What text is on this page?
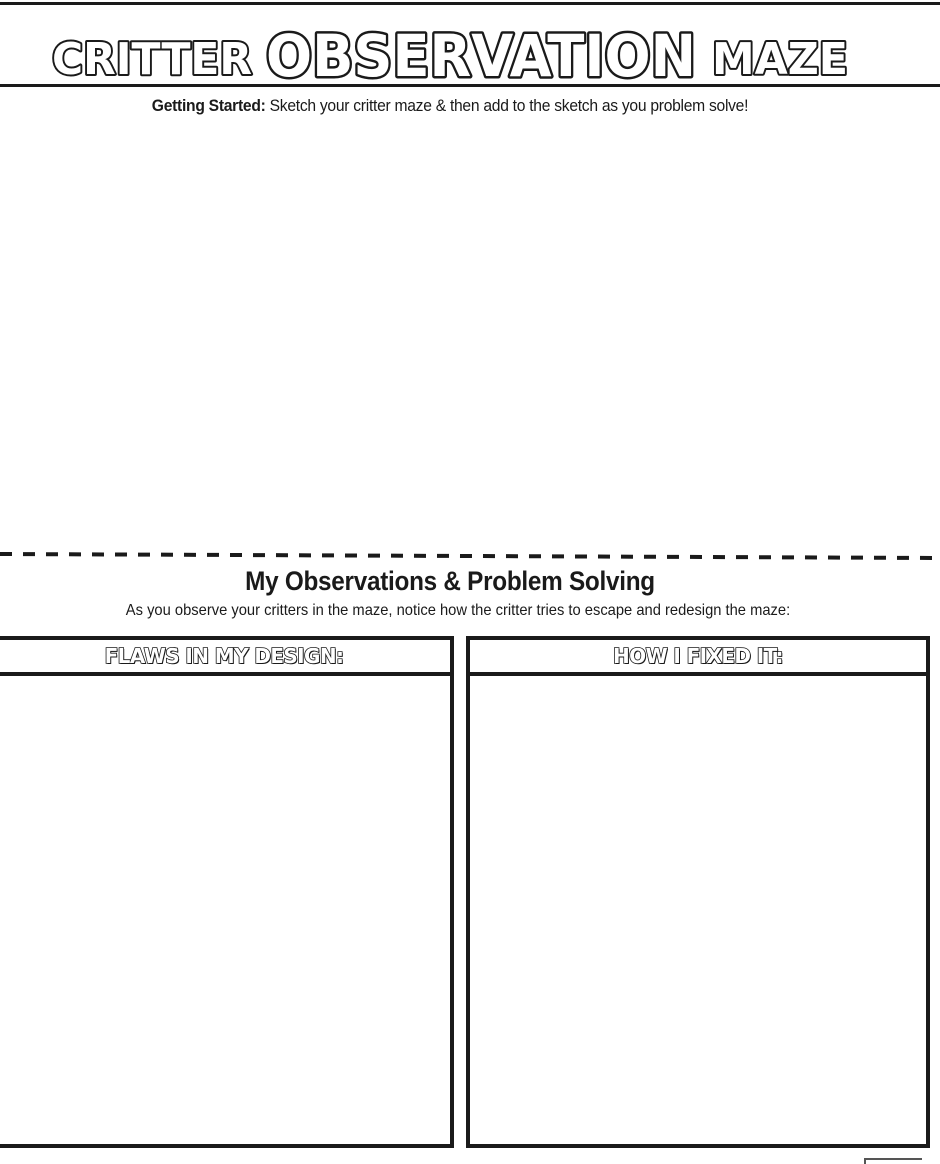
CRITTER OBSERVATION MAZE
Getting Started: Sketch your critter maze & then add to the sketch as you problem solve!
My Observations & Problem Solving
As you observe your critters in the maze, notice how the critter tries to escape and redesign the maze:
FLAWS IN MY DESIGN:	HOW I FIXED IT:
